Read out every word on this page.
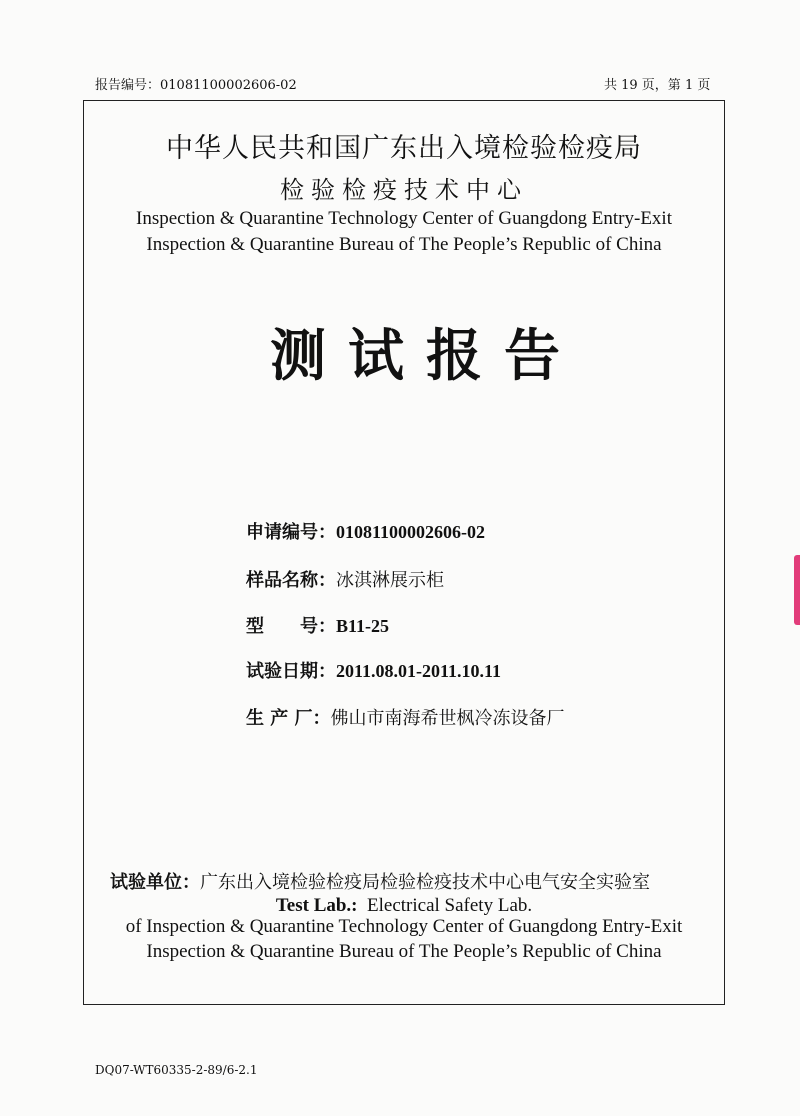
报告编号：01081100002606-02	共 19 页，第 1 页
中华人民共和国广东出入境检验检疫局
检验检疫技术中心
Inspection & Quarantine Technology Center of Guangdong Entry-Exit
Inspection & Quarantine Bureau of The People’s Republic of China
测试报告
申请编号：01081100002606-02
样品名称：冰淇淋展示柜
型　　号：B11-25
试验日期：2011.08.01-2011.10.11
生 产 厂：佛山市南海希世枫冷冻设备厂
试验单位：广东出入境检验检疫局检验检疫技术中心电气安全实验室
Test Lab.: Electrical Safety Lab.
of Inspection & Quarantine Technology Center of Guangdong Entry-Exit
Inspection & Quarantine Bureau of The People’s Republic of China
DQ07-WT60335-2-89/6-2.1
